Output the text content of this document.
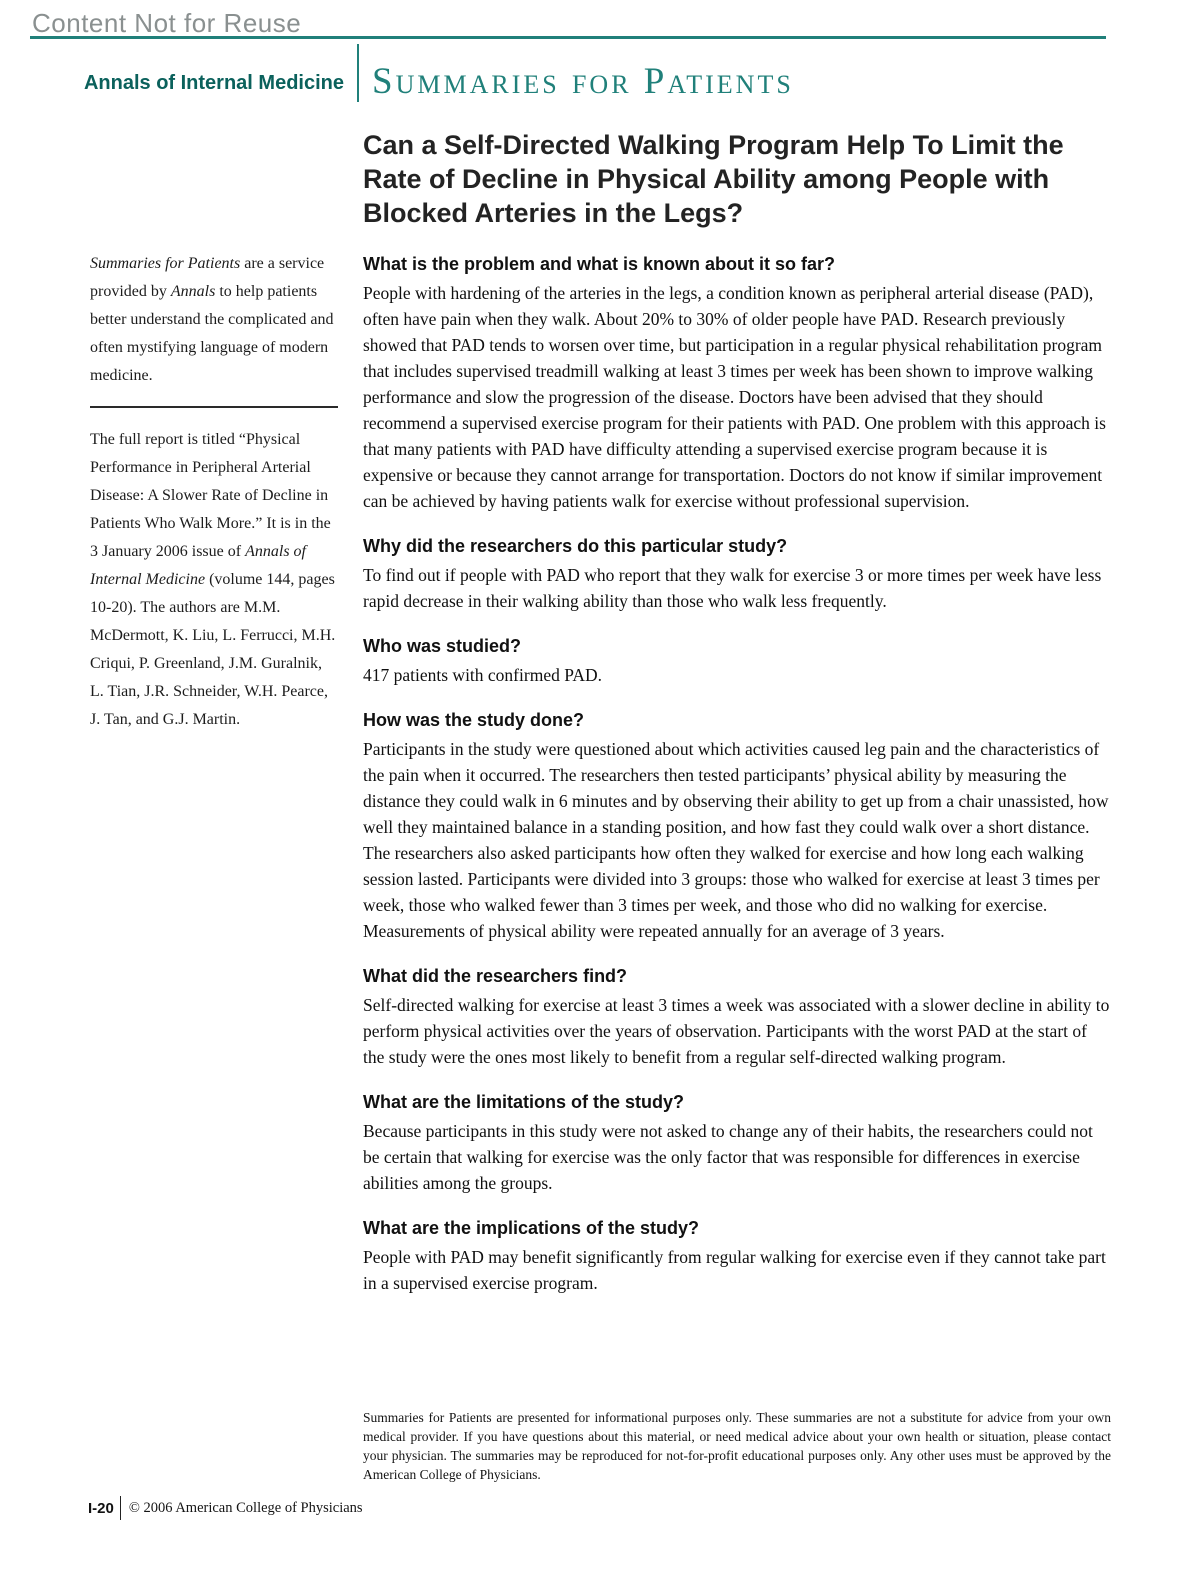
Content Not for Reuse
Annals of Internal Medicine Summaries for Patients

Summaries for Patients are a service provided by Annals to help patients better understand the complicated and often mystifying language of modern medicine.

The full report is titled “Physical Performance in Peripheral Arterial Disease: A Slower Rate of Decline in Patients Who Walk More.” It is in the 3 January 2006 issue of Annals of Internal Medicine (volume 144, pages 10-20). The authors are M.M. McDermott, K. Liu, L. Ferrucci, M.H. Criqui, P. Greenland, J.M. Guralnik, L. Tian, J.R. Schneider, W.H. Pearce, J. Tan, and G.J. Martin.

Can a Self-Directed Walking Program Help To Limit the Rate of Decline in Physical Ability among People with Blocked Arteries in the Legs?
What is the problem and what is known about it so far?

People with hardening of the arteries in the legs, a condition known as peripheral arterial disease (PAD), often have pain when they walk. About 20% to 30% of older people have PAD. Research previously showed that PAD tends to worsen over time, but participation in a regular physical rehabilitation program that includes supervised treadmill walking at least 3 times per week has been shown to improve walking performance and slow the progression of the disease. Doctors have been advised that they should recommend a supervised exercise program for their patients with PAD. One problem with this approach is that many patients with PAD have difficulty attending a supervised exercise program because it is expensive or because they cannot arrange for transportation. Doctors do not know if similar improvement can be achieved by having patients walk for exercise without professional supervision.

Why did the researchers do this particular study?

To find out if people with PAD who report that they walk for exercise 3 or more times per week have less rapid decrease in their walking ability than those who walk less frequently.

Who was studied?

417 patients with confirmed PAD.

How was the study done?

Participants in the study were questioned about which activities caused leg pain and the characteristics of the pain when it occurred. The researchers then tested participants’ physical ability by measuring the distance they could walk in 6 minutes and by observing their ability to get up from a chair unassisted, how well they maintained balance in a standing position, and how fast they could walk over a short distance. The researchers also asked participants how often they walked for exercise and how long each walking session lasted. Participants were divided into 3 groups: those who walked for exercise at least 3 times per week, those who walked fewer than 3 times per week, and those who did no walking for exercise. Measurements of physical ability were repeated annually for an average of 3 years.

What did the researchers find?

Self-directed walking for exercise at least 3 times a week was associated with a slower decline in ability to perform physical activities over the years of observation. Participants with the worst PAD at the start of the study were the ones most likely to benefit from a regular self-directed walking program.

What are the limitations of the study?

Because participants in this study were not asked to change any of their habits, the researchers could not be certain that walking for exercise was the only factor that was responsible for differences in exercise abilities among the groups.

What are the implications of the study?

People with PAD may benefit significantly from regular walking for exercise even if they cannot take part in a supervised exercise program.

Summaries for Patients are presented for informational purposes only. These summaries are not a substitute for advice from your own medical provider. If you have questions about this material, or need medical advice about your own health or situation, please contact your physician. The summaries may be reproduced for not-for-profit educational purposes only. Any other uses must be approved by the American College of Physicians.

I-20	© 2006 American College of Physicians
